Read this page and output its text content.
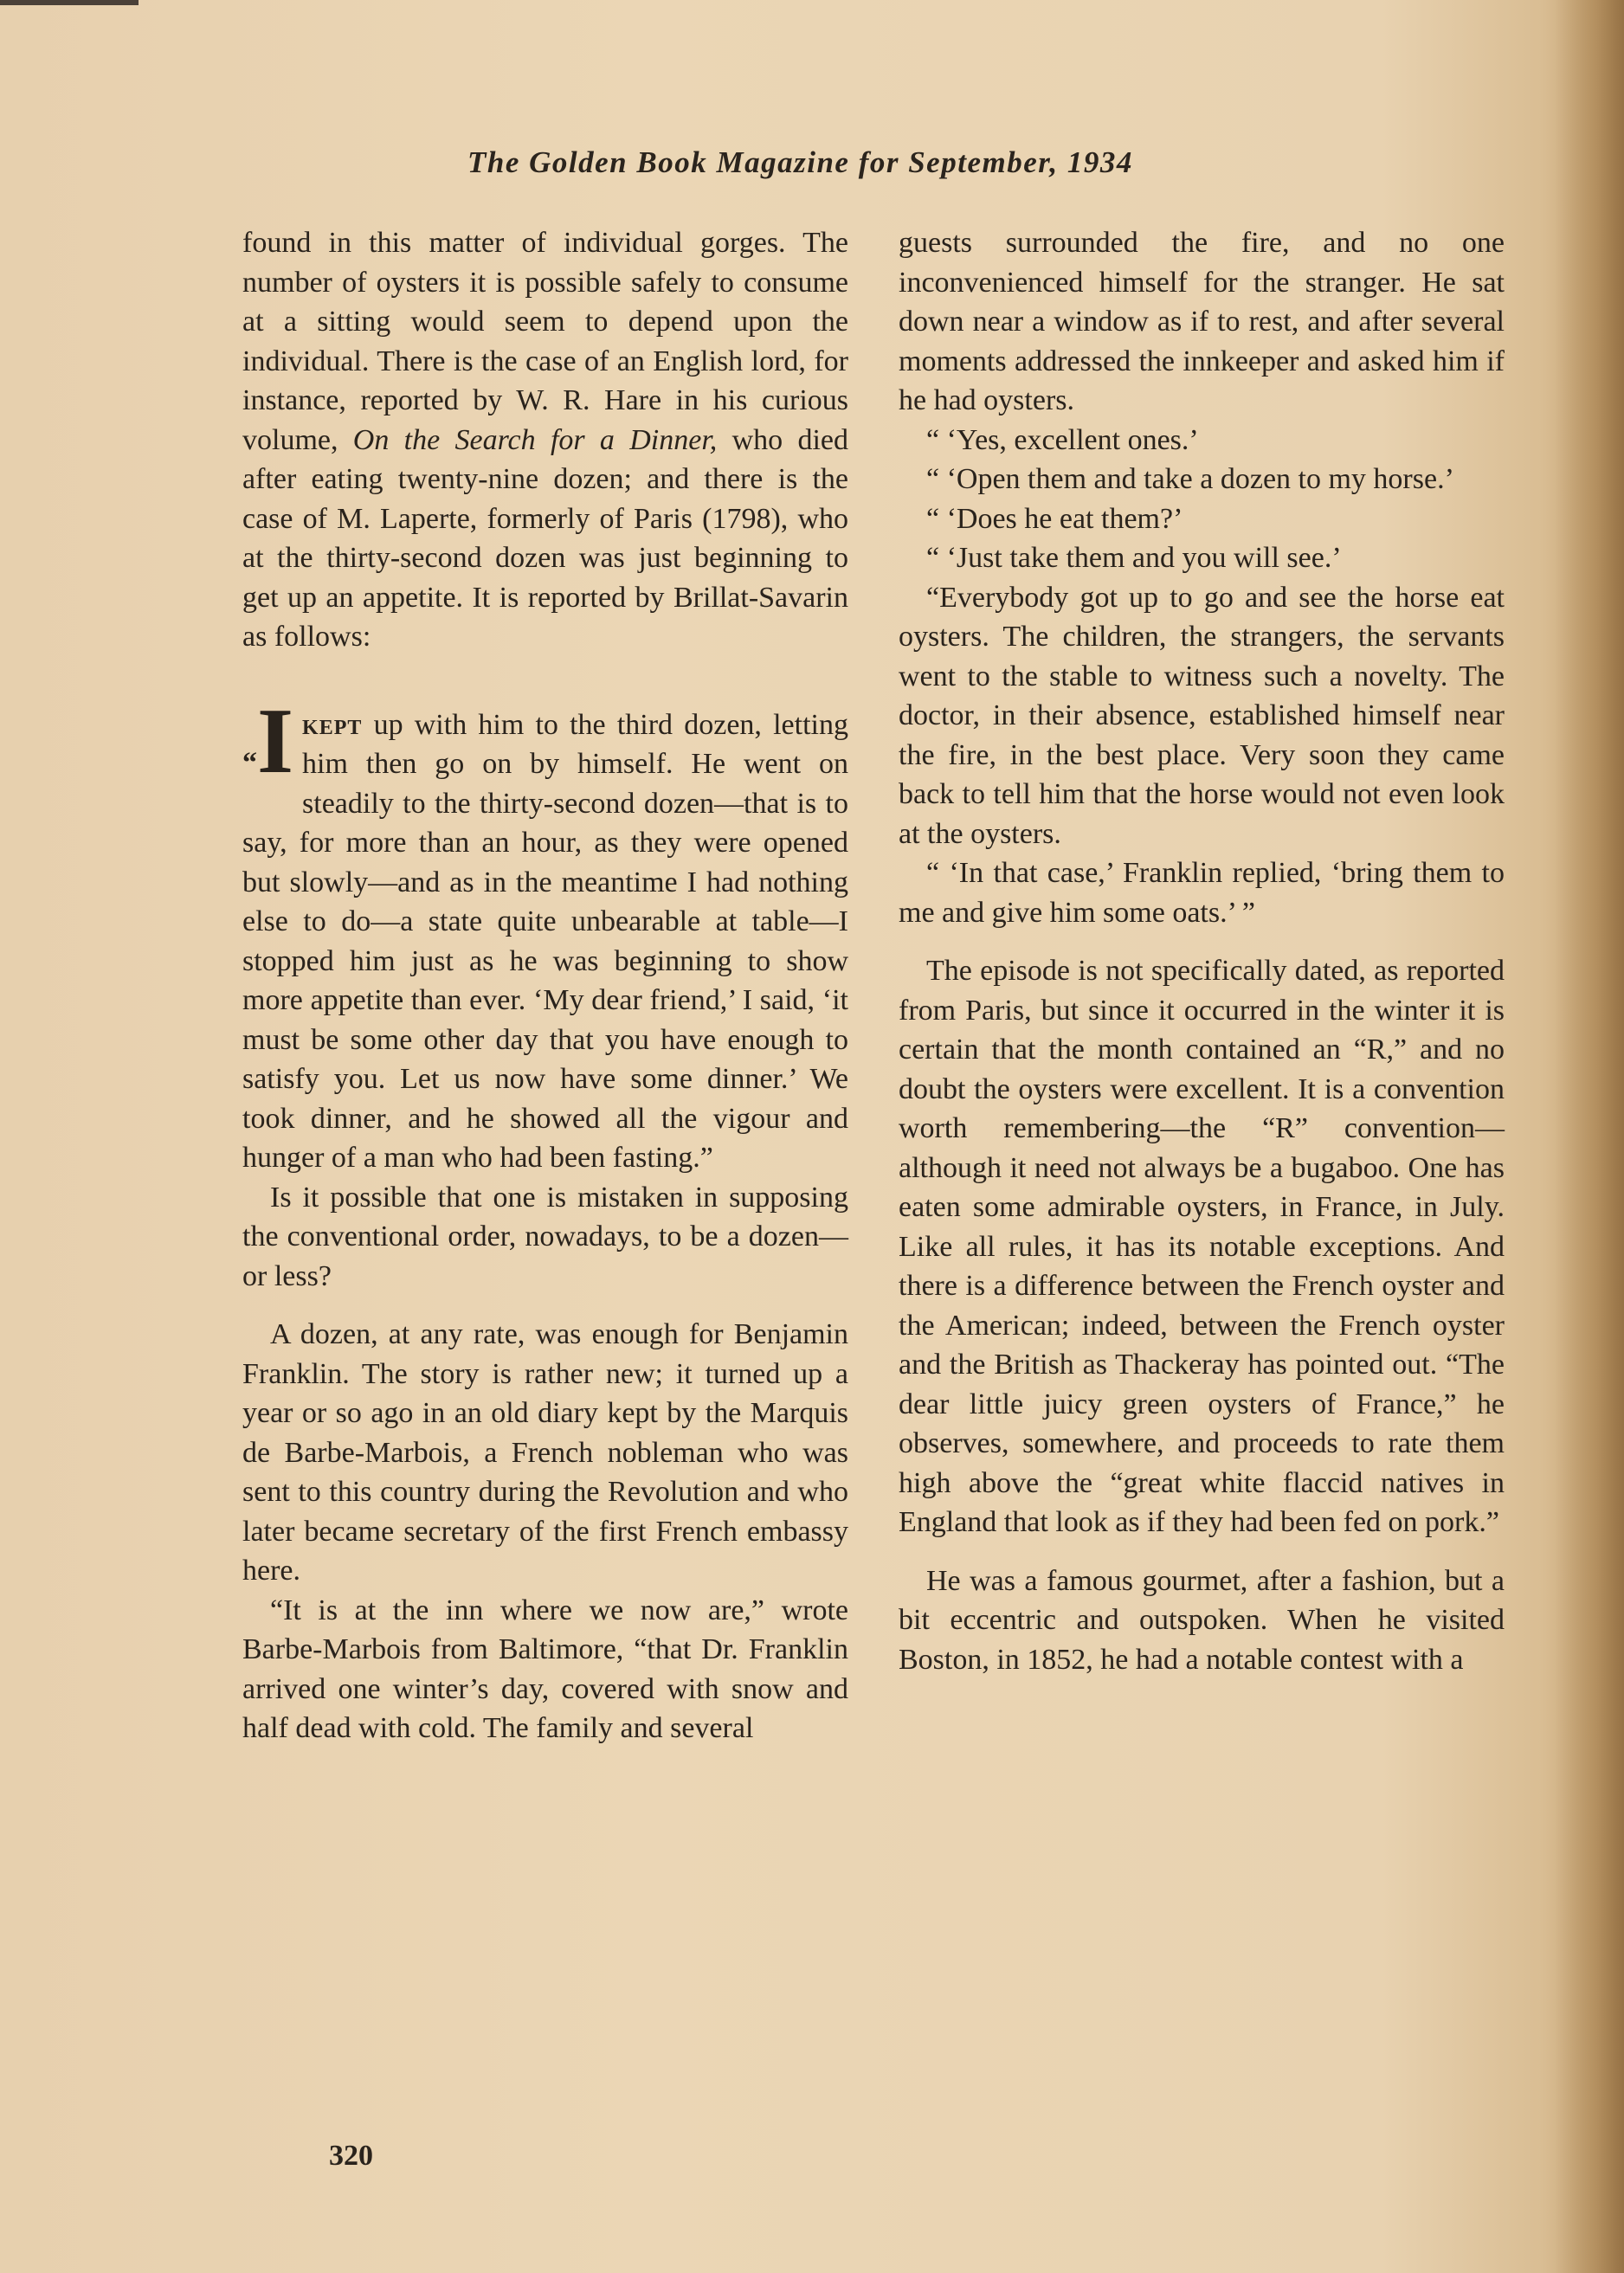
The Golden Book Magazine for September, 1934

found in this matter of individual gorges. The number of oysters it is possible safely to consume at a sitting would seem to depend upon the individual. There is the case of an English lord, for instance, reported by W. R. Hare in his curious volume, On the Search for a Dinner, who died after eating twenty-nine dozen; and there is the case of M. Laperte, formerly of Paris (1798), who at the thirty-second dozen was just beginning to get up an appetite. It is reported by Brillat-Savarin as follows:

“I kept up with him to the third dozen, letting him then go on by himself. He went on steadily to the thirty-second dozen—that is to say, for more than an hour, as they were opened but slowly—and as in the meantime I had nothing else to do—a state quite unbearable at table—I stopped him just as he was beginning to show more appetite than ever. ‘My dear friend,’ I said, ‘it must be some other day that you have enough to satisfy you. Let us now have some dinner.’ We took dinner, and he showed all the vigour and hunger of a man who had been fasting.”

Is it possible that one is mistaken in supposing the conventional order, nowadays, to be a dozen—or less?

A dozen, at any rate, was enough for Benjamin Franklin. The story is rather new; it turned up a year or so ago in an old diary kept by the Marquis de Barbe-Marbois, a French nobleman who was sent to this country during the Revolution and who later became secretary of the first French embassy here.

“It is at the inn where we now are,” wrote Barbe-Marbois from Baltimore, “that Dr. Franklin arrived one winter’s day, covered with snow and half dead with cold. The family and several

guests surrounded the fire, and no one inconvenienced himself for the stranger. He sat down near a window as if to rest, and after several moments addressed the innkeeper and asked him if he had oysters.

“ ‘Yes, excellent ones.’

“ ‘Open them and take a dozen to my horse.’

“ ‘Does he eat them?’

“ ‘Just take them and you will see.’

“Everybody got up to go and see the horse eat oysters. The children, the strangers, the servants went to the stable to witness such a novelty. The doctor, in their absence, established himself near the fire, in the best place. Very soon they came back to tell him that the horse would not even look at the oysters.

“ ‘In that case,’ Franklin replied, ‘bring them to me and give him some oats.’ ”

The episode is not specifically dated, as reported from Paris, but since it occurred in the winter it is certain that the month contained an “R,” and no doubt the oysters were excellent. It is a convention worth remembering—the “R” convention—although it need not always be a bugaboo. One has eaten some admirable oysters, in France, in July. Like all rules, it has its notable exceptions. And there is a difference between the French oyster and the American; indeed, between the French oyster and the British as Thackeray has pointed out. “The dear little juicy green oysters of France,” he observes, somewhere, and proceeds to rate them high above the “great white flaccid natives in England that look as if they had been fed on pork.”

He was a famous gourmet, after a fashion, but a bit eccentric and outspoken. When he visited Boston, in 1852, he had a notable contest with a

320
